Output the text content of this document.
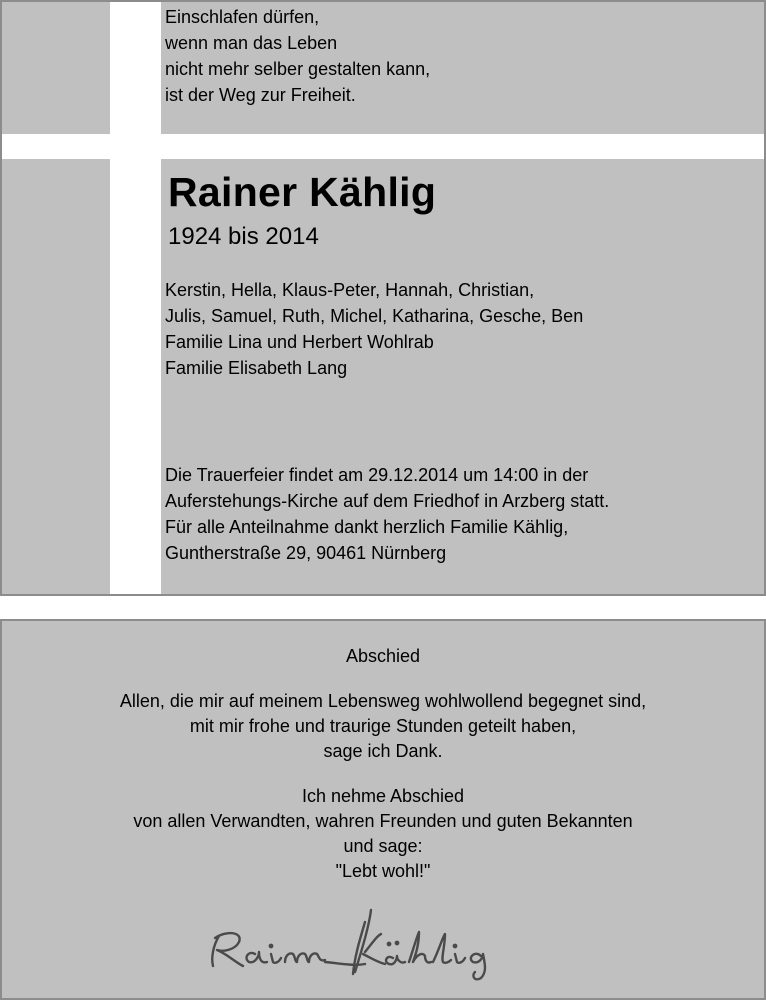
Einschlafen dürfen,
wenn man das Leben
nicht mehr selber gestalten kann,
ist der Weg zur Freiheit.
Rainer Kählig
1924 bis 2014
Kerstin, Hella, Klaus-Peter, Hannah, Christian,
Julis, Samuel, Ruth, Michel, Katharina, Gesche, Ben
Familie Lina und Herbert Wohlrab
Familie Elisabeth Lang
Die Trauerfeier findet am 29.12.2014 um 14:00 in der
Auferstehungs-Kirche auf dem Friedhof in Arzberg statt.
Für alle Anteilnahme dankt herzlich Familie Kählig,
Guntherstraße 29, 90461 Nürnberg
Abschied
Allen, die mir auf meinem Lebensweg wohlwollend begegnet sind,
mit mir frohe und traurige Stunden geteilt haben,
sage ich Dank.
Ich nehme Abschied
von allen Verwandten, wahren Freunden und guten Bekannten
und sage:
"Lebt wohl!"
